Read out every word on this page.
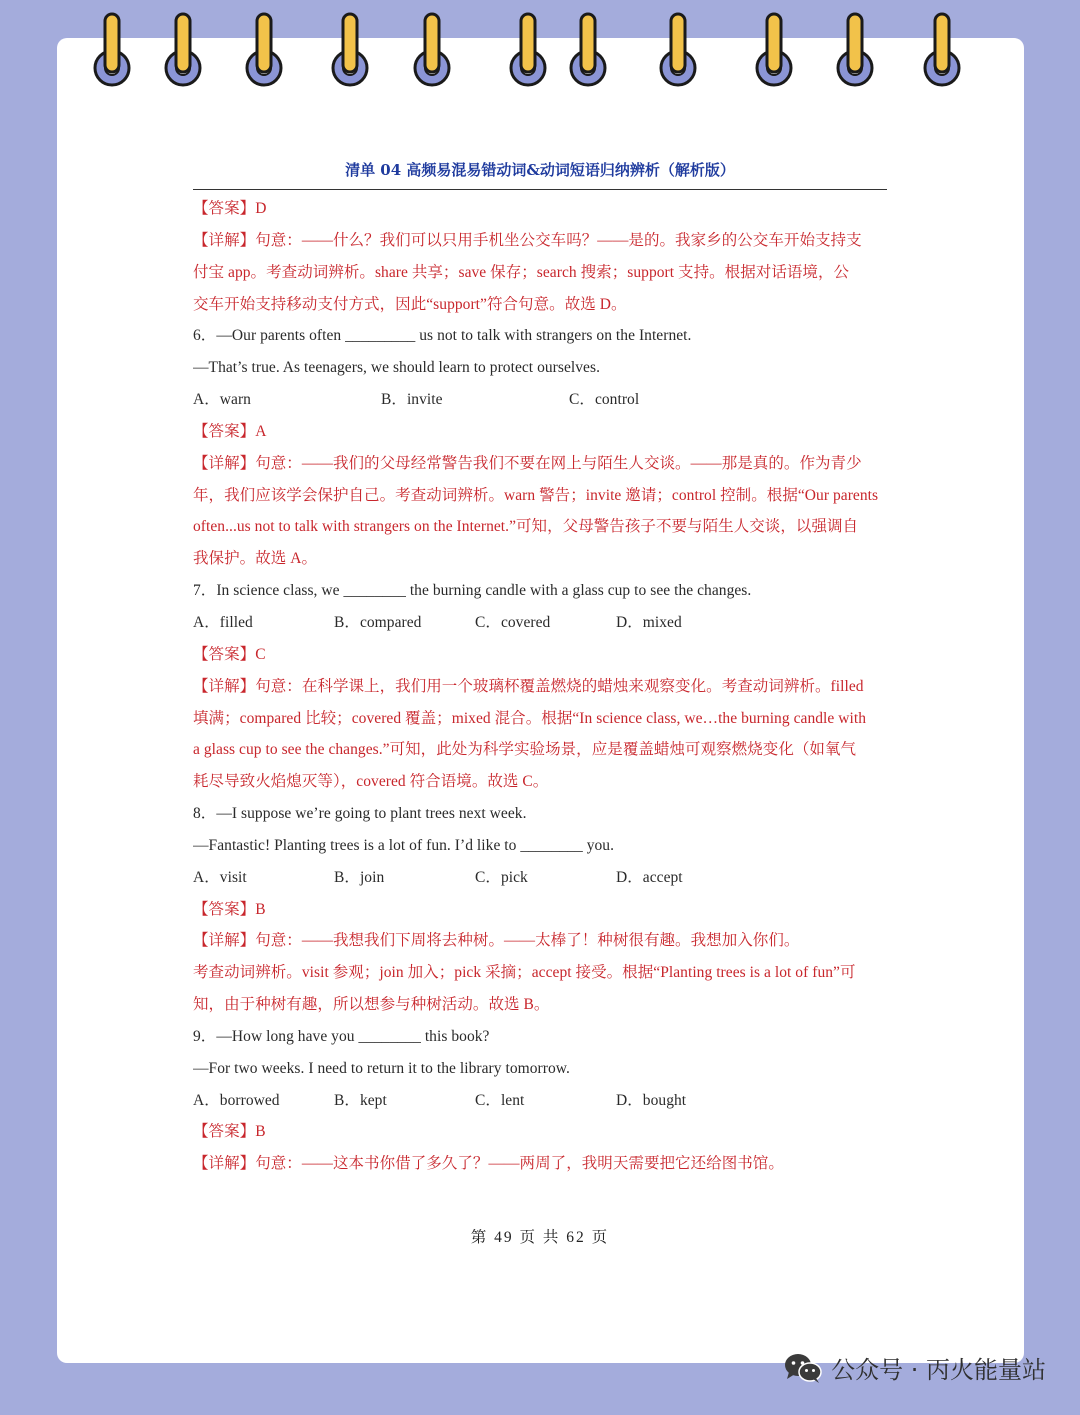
清单 04 高频易混易错动词&动词短语归纳辨析（解析版）
【答案】D
【详解】句意：——什么？我们可以只用手机坐公交车吗？——是的。我家乡的公交车开始支持支
付宝 app。考查动词辨析。share 共享；save 保存；search 搜索；support 支持。根据对话语境，公
交车开始支持移动支付方式，因此“support”符合句意。故选 D。
6．—Our parents often _________ us not to talk with strangers on the Internet.
—That’s true. As teenagers, we should learn to protect ourselves.
A．warn	B．invite	C．control
【答案】A
【详解】句意：——我们的父母经常警告我们不要在网上与陌生人交谈。——那是真的。作为青少
年，我们应该学会保护自己。考查动词辨析。warn 警告；invite 邀请；control 控制。根据“Our parents
often...us not to talk with strangers on the Internet.”可知，父母警告孩子不要与陌生人交谈，以强调自
我保护。故选 A。
7．In science class, we ________ the burning candle with a glass cup to see the changes.
A．filled	B．compared	C．covered	D．mixed
【答案】C
【详解】句意：在科学课上，我们用一个玻璃杯覆盖燃烧的蜡烛来观察变化。考查动词辨析。filled
填满；compared 比较；covered 覆盖；mixed 混合。根据“In science class, we…the burning candle with
a glass cup to see the changes.”可知，此处为科学实验场景，应是覆盖蜡烛可观察燃烧变化（如氧气
耗尽导致火焰熄灭等），covered 符合语境。故选 C。
8．—I suppose we’re going to plant trees next week.
—Fantastic! Planting trees is a lot of fun. I’d like to ________ you.
A．visit	B．join	C．pick	D．accept
【答案】B
【详解】句意：——我想我们下周将去种树。——太棒了！种树很有趣。我想加入你们。
考查动词辨析。visit 参观；join 加入；pick 采摘；accept 接受。根据“Planting trees is a lot of fun”可
知，由于种树有趣，所以想参与种树活动。故选 B。
9．—How long have you ________ this book?
—For two weeks. I need to return it to the library tomorrow.
A．borrowed	B．kept	C．lent	D．bought
【答案】B
【详解】句意：——这本书你借了多久了？——两周了，我明天需要把它还给图书馆。
第 49 页 共 62 页
公众号 · 丙火能量站
